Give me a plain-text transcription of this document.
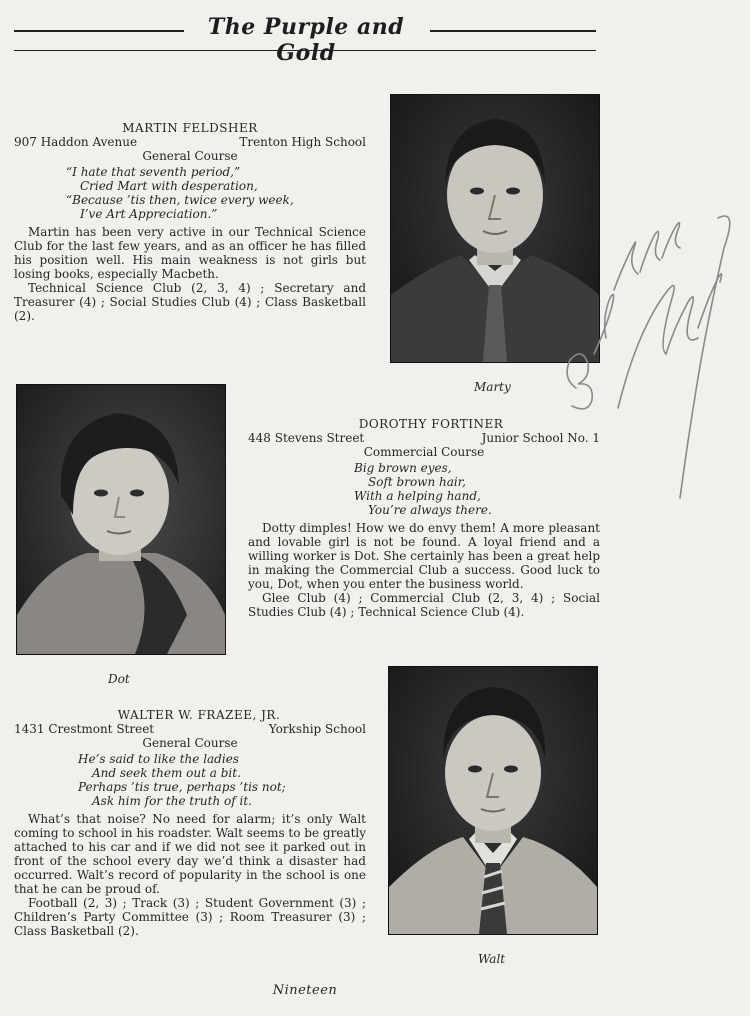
The Purple and Gold
MARTIN FELDSHER
907 Haddon Avenue	Trenton High School
General Course
“I hate that seventh period,”
Cried Mart with desperation,
“Because ’tis then, twice every week,
I’ve Art Appreciation.”

Martin has been very active in our Technical Science Club for the last few years, and as an officer he has filled his position well. His main weakness is not girls but losing books, especially Macbeth.

Technical Science Club (2, 3, 4) ; Secretary and Treasurer (4) ; Social Studies Club (4) ; Class Basketball (2).

Marty
Dot
DOROTHY FORTINER
448 Stevens Street	Junior School No. 1
Commercial Course
Big brown eyes,
Soft brown hair,
With a helping hand,
You’re always there.

Dotty dimples! How we do envy them! A more pleasant and lovable girl is not be found. A loyal friend and a willing worker is Dot. She certainly has been a great help in making the Commercial Club a success. Good luck to you, Dot, when you enter the business world.

Glee Club (4) ; Commercial Club (2, 3, 4) ; Social Studies Club (4) ; Technical Science Club (4).

WALTER W. FRAZEE, JR.
1431 Crestmont Street	Yorkship School
General Course
He’s said to like the ladies
And seek them out a bit.
Perhaps ’tis true, perhaps ’tis not;
Ask him for the truth of it.

What’s that noise? No need for alarm; it’s only Walt coming to school in his roadster. Walt seems to be greatly attached to his car and if we did not see it parked out in front of the school every day we’d think a disaster had occurred. Walt’s record of popularity in the school is one that he can be proud of.

Football (2, 3) ; Track (3) ; Student Government (3) ; Children’s Party Committee (3) ; Room Treasurer (3) ; Class Basketball (2).

Walt
Nineteen
